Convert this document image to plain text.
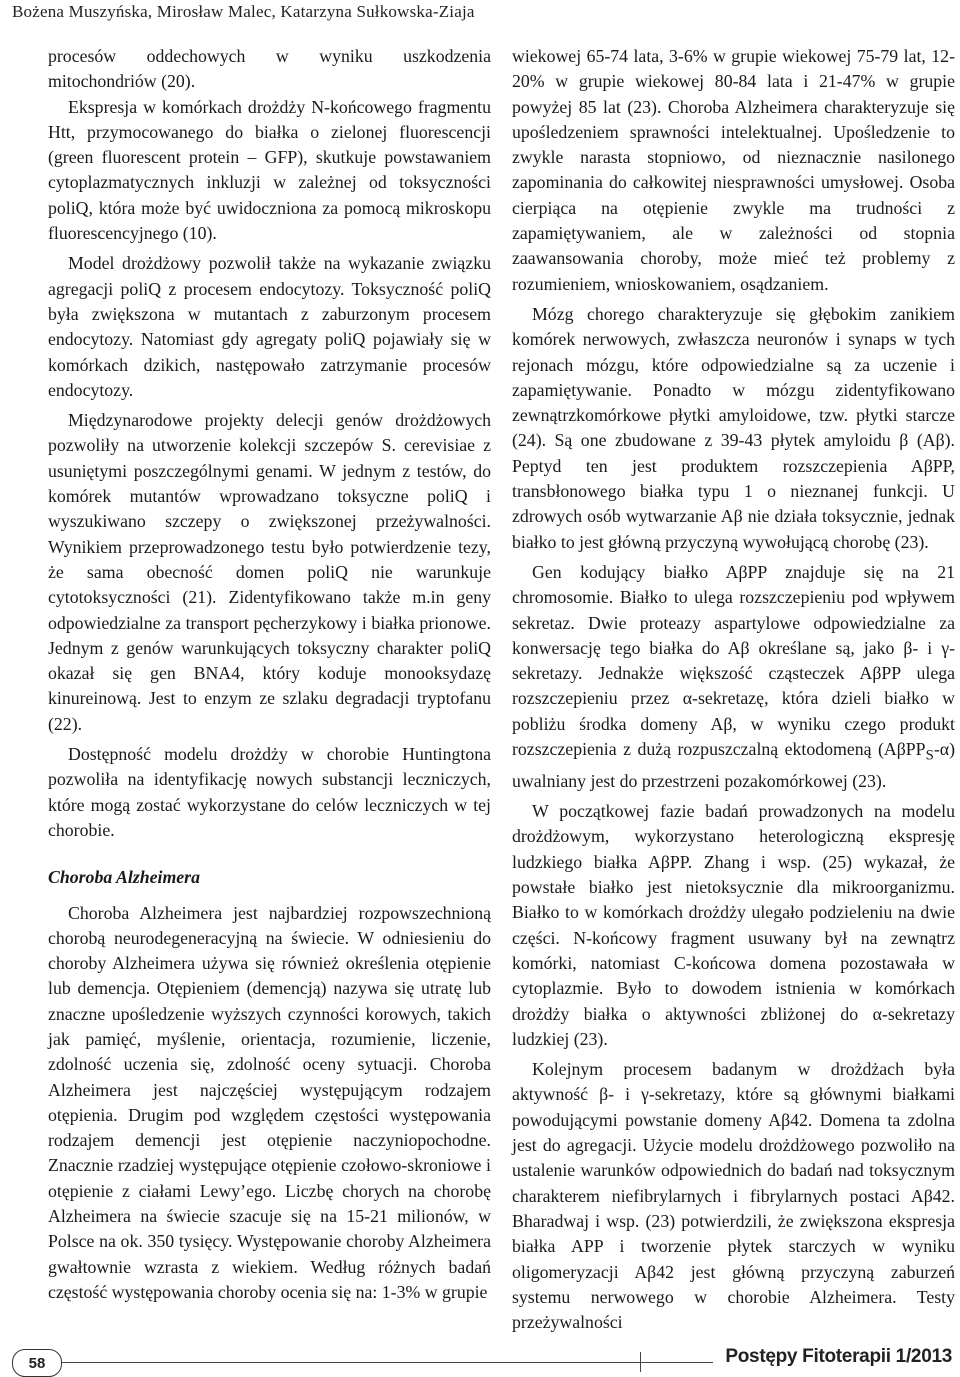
Bożena Muszyńska, Mirosław Malec, Katarzyna Sułkowska-Ziaja

procesów oddechowych w wyniku uszkodzenia mitochondriów (20).

Ekspresja w komórkach drożdży N-końcowego fragmentu Htt, przymocowanego do białka o zielonej fluorescencji (green fluorescent protein – GFP), skutkuje powstawaniem cytoplazmatycznych inkluzji w zależnej od toksyczności poliQ, która może być uwidoczniona za pomocą mikroskopu fluorescencyjnego (10).

Model drożdżowy pozwolił także na wykazanie związku agregacji poliQ z procesem endocytozy. Toksyczność poliQ była zwiększona w mutantach z zaburzonym procesem endocytozy. Natomiast gdy agregaty poliQ pojawiały się w komórkach dzikich, następowało zatrzymanie procesów endocytozy.

Międzynarodowe projekty delecji genów drożdżowych pozwoliły na utworzenie kolekcji szczepów S. cerevisiae z usuniętymi poszczególnymi genami. W jednym z testów, do komórek mutantów wprowadzano toksyczne poliQ i wyszukiwano szczepy o zwiększonej przeżywalności. Wynikiem przeprowadzonego testu było potwierdzenie tezy, że sama obecność domen poliQ nie warunkuje cytotoksyczności (21). Zidentyfikowano także m.in geny odpowiedzialne za transport pęcherzykowy i białka prionowe. Jednym z genów warunkujących toksyczny charakter poliQ okazał się gen BNA4, który koduje monooksydazę kinureinową. Jest to enzym ze szlaku degradacji tryptofanu (22).

Dostępność modelu drożdży w chorobie Huntingtona pozwoliła na identyfikację nowych substancji leczniczych, które mogą zostać wykorzystane do celów leczniczych w tej chorobie.

Choroba Alzheimera

Choroba Alzheimera jest najbardziej rozpowszechnioną chorobą neurodegeneracyjną na świecie. W odniesieniu do choroby Alzheimera używa się również określenia otępienie lub demencja. Otępieniem (demencją) nazywa się utratę lub znaczne upośledzenie wyższych czynności korowych, takich jak pamięć, myślenie, orientacja, rozumienie, liczenie, zdolność uczenia się, zdolność oceny sytuacji. Choroba Alzheimera jest najczęściej występującym rodzajem otępienia. Drugim pod względem częstości występowania rodzajem demencji jest otępienie naczyniopochodne. Znacznie rzadziej występujące otępienie czołowo-skroniowe i otępienie z ciałami Lewy’ego. Liczbę chorych na chorobę Alzheimera na świecie szacuje się na 15-21 milionów, w Polsce na ok. 350 tysięcy. Występowanie choroby Alzheimera gwałtownie wzrasta z wiekiem. Według różnych badań częstość występowania choroby ocenia się na: 1-3% w grupie

wiekowej 65-74 lata, 3-6% w grupie wiekowej 75-79 lat, 12-20% w grupie wiekowej 80-84 lata i 21-47% w grupie powyżej 85 lat (23). Choroba Alzheimera charakteryzuje się upośledzeniem sprawności intelektualnej. Upośledzenie to zwykle narasta stopniowo, od nieznacznie nasilonego zapominania do całkowitej niesprawności umysłowej. Osoba cierpiąca na otępienie zwykle ma trudności z zapamiętywaniem, ale w zależności od stopnia zaawansowania choroby, może mieć też problemy z rozumieniem, wnioskowaniem, osądzaniem.

Mózg chorego charakteryzuje się głębokim zanikiem komórek nerwowych, zwłaszcza neuronów i synaps w tych rejonach mózgu, które odpowiedzialne są za uczenie i zapamiętywanie. Ponadto w mózgu zidentyfikowano zewnątrzkomórkowe płytki amyloidowe, tzw. płytki starcze (24). Są one zbudowane z 39-43 płytek amyloidu β (Aβ). Peptyd ten jest produktem rozszczepienia AβPP, transbłonowego białka typu 1 o nieznanej funkcji. U zdrowych osób wytwarzanie Aβ nie działa toksycznie, jednak białko to jest główną przyczyną wywołującą chorobę (23).

Gen kodujący białko AβPP znajduje się na 21 chromosomie. Białko to ulega rozszczepieniu pod wpływem sekretaz. Dwie proteazy aspartylowe odpowiedzialne za konwersację tego białka do Aβ określane są, jako β- i γ-sekretazy. Jednakże większość cząsteczek AβPP ulega rozszczepieniu przez α-sekretazę, która dzieli białko w pobliżu środka domeny Aβ, w wyniku czego produkt rozszczepienia z dużą rozpuszczalną ektodomeną (AβPP$_S$-α) uwalniany jest do przestrzeni pozakomórkowej (23).

W początkowej fazie badań prowadzonych na modelu drożdżowym, wykorzystano heterologiczną ekspresję ludzkiego białka AβPP. Zhang i wsp. (25) wykazał, że powstałe białko jest nietoksycznie dla mikroorganizmu. Białko to w komórkach drożdży ulegało podzieleniu na dwie części. N-końcowy fragment usuwany był na zewnątrz komórki, natomiast C-końcowa domena pozostawała w cytoplazmie. Było to dowodem istnienia w komórkach drożdży białka o aktywności zbliżonej do α-sekretazy ludzkiej (23).

Kolejnym procesem badanym w drożdżach była aktywność β- i γ-sekretazy, które są głównymi białkami powodującymi powstanie domeny Aβ42. Domena ta zdolna jest do agregacji. Użycie modelu drożdżowego pozwoliło na ustalenie warunków odpowiednich do badań nad toksycznym charakterem niefibrylarnych i fibrylarnych postaci Aβ42. Bharadwaj i wsp. (23) potwierdzili, że zwiększona ekspresja białka APP i tworzenie płytek starczych w wyniku oligomeryzacji Aβ42 jest główną przyczyną zaburzeń systemu nerwowego w chorobie Alzheimera. Testy przeżywalności

58	Postępy Fitoterapii 1/2013
